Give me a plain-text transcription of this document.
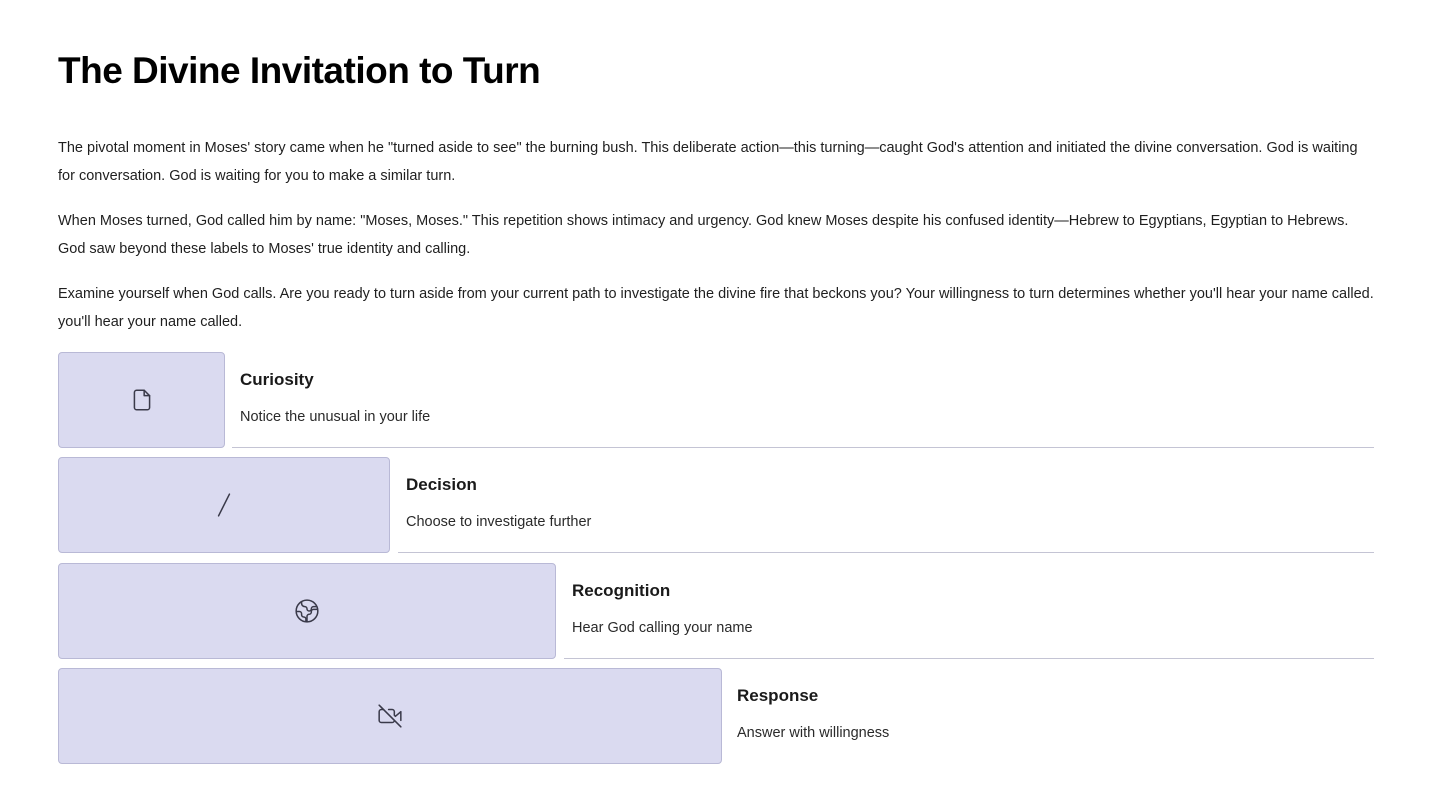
The Divine Invitation to Turn

The pivotal moment in Moses' story came when he "turned aside to see" the burning bush. This deliberate action—this turning—caught God's attention and initiated the divine conversation. God is waiting for conversation. God is waiting for you to make a similar turn.

When Moses turned, God called him by name: "Moses, Moses." This repetition shows intimacy and urgency. God knew Moses despite his confused identity—Hebrew to Egyptians, Egyptian to Hebrews. God saw beyond these labels to Moses' true identity and calling.

Examine yourself when God calls. Are you ready to turn aside from your current path to investigate the divine fire that beckons you? Your willingness to turn determines whether you'll hear your name called. you'll hear your name called.

Curiosity
Notice the unusual in your life
Decision
Choose to investigate further
Recognition
Hear God calling your name
Response
Answer with willingness
